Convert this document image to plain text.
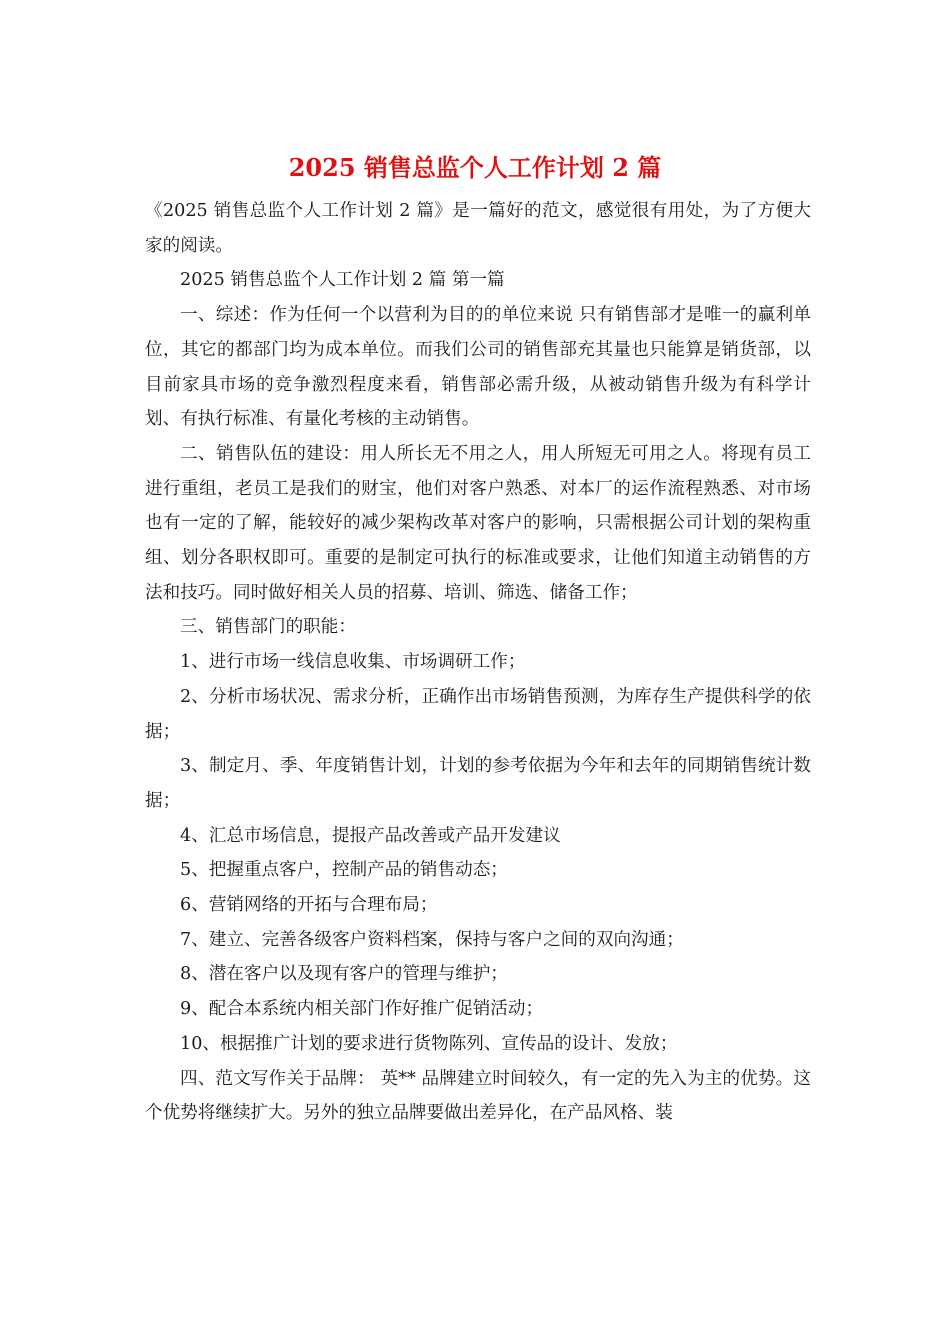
2025 销售总监个人工作计划 2 篇

《2025 销售总监个人工作计划 2 篇》是一篇好的范文，感觉很有用处，为了方便大家的阅读。

2025 销售总监个人工作计划 2 篇 第一篇

一、综述：作为任何一个以营利为目的的单位来说 只有销售部才是唯一的赢利单位，其它的都部门均为成本单位。而我们公司的销售部充其量也只能算是销货部，以目前家具市场的竞争激烈程度来看，销售部必需升级，从被动销售升级为有科学计划、有执行标准、有量化考核的主动销售。

二、销售队伍的建设：用人所长无不用之人，用人所短无可用之人。将现有员工进行重组，老员工是我们的财宝，他们对客户熟悉、对本厂的运作流程熟悉、对市场也有一定的了解，能较好的减少架构改革对客户的影响，只需根据公司计划的架构重组、划分各职权即可。重要的是制定可执行的标准或要求，让他们知道主动销售的方法和技巧。同时做好相关人员的招募、培训、筛选、储备工作；

三、销售部门的职能：

1、进行市场一线信息收集、市场调研工作；

2、分析市场状况、需求分析，正确作出市场销售预测，为库存生产提供科学的依据；

3、制定月、季、年度销售计划，计划的参考依据为今年和去年的同期销售统计数据；

4、汇总市场信息，提报产品改善或产品开发建议

5、把握重点客户，控制产品的销售动态；

6、营销网络的开拓与合理布局；

7、建立、完善各级客户资料档案，保持与客户之间的双向沟通；

8、潜在客户以及现有客户的管理与维护；

9、配合本系统内相关部门作好推广促销活动；

10、根据推广计划的要求进行货物陈列、宣传品的设计、发放；

四、范文写作关于品牌： 英** 品牌建立时间较久，有一定的先入为主的优势。这个优势将继续扩大。另外的独立品牌要做出差异化，在产品风格、装
